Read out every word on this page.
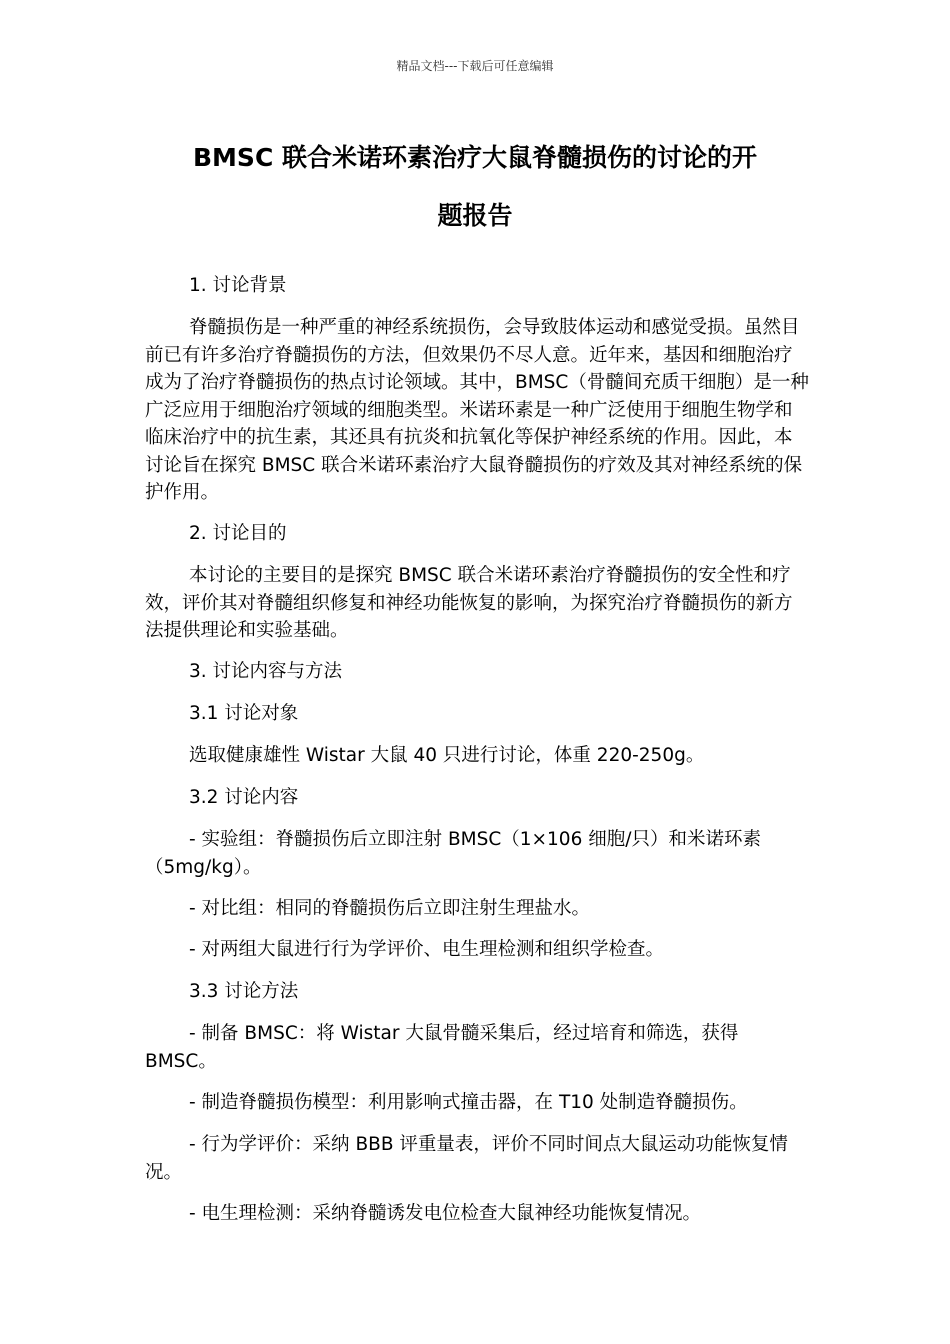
精品文档---下载后可任意编辑
BMSC 联合米诺环素治疗大鼠脊髓损伤的讨论的开
题报告
1. 讨论背景
脊髓损伤是一种严重的神经系统损伤，会导致肢体运动和感觉受损。虽然目前已有许多治疗脊髓损伤的方法，但效果仍不尽人意。近年来，基因和细胞治疗成为了治疗脊髓损伤的热点讨论领域。其中，BMSC（骨髓间充质干细胞）是一种广泛应用于细胞治疗领域的细胞类型。米诺环素是一种广泛使用于细胞生物学和临床治疗中的抗生素，其还具有抗炎和抗氧化等保护神经系统的作用。因此，本讨论旨在探究 BMSC 联合米诺环素治疗大鼠脊髓损伤的疗效及其对神经系统的保护作用。
2. 讨论目的
本讨论的主要目的是探究 BMSC 联合米诺环素治疗脊髓损伤的安全性和疗效，评价其对脊髓组织修复和神经功能恢复的影响，为探究治疗脊髓损伤的新方法提供理论和实验基础。
3. 讨论内容与方法
3.1 讨论对象
选取健康雄性 Wistar 大鼠 40 只进行讨论，体重 220-250g。
3.2 讨论内容
- 实验组：脊髓损伤后立即注射 BMSC（1×106 细胞/只）和米诺环素（5mg/kg）。
- 对比组：相同的脊髓损伤后立即注射生理盐水。
- 对两组大鼠进行行为学评价、电生理检测和组织学检查。
3.3 讨论方法
- 制备 BMSC：将 Wistar 大鼠骨髓采集后，经过培育和筛选，获得 BMSC。
- 制造脊髓损伤模型：利用影响式撞击器，在 T10 处制造脊髓损伤。
- 行为学评价：采纳 BBB 评重量表，评价不同时间点大鼠运动功能恢复情况。
- 电生理检测：采纳脊髓诱发电位检查大鼠神经功能恢复情况。
